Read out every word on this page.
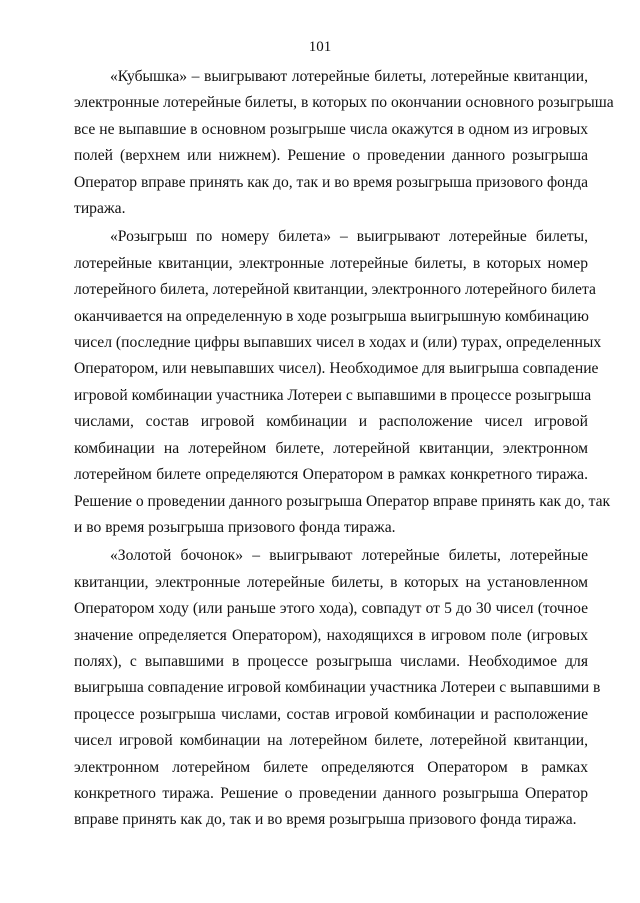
101
«Кубышка» – выигрывают лотерейные билеты, лотерейные квитанции,
электронные лотерейные билеты, в которых по окончании основного розыгрыша
все не выпавшие в основном розыгрыше числа окажутся в одном из игровых
полей (верхнем или нижнем). Решение о проведении данного розыгрыша
Оператор вправе принять как до, так и во время розыгрыша призового фонда
тиража.
«Розыгрыш по номеру билета» – выигрывают лотерейные билеты,
лотерейные квитанции, электронные лотерейные билеты, в которых номер
лотерейного билета, лотерейной квитанции, электронного лотерейного билета
оканчивается на определенную в ходе розыгрыша выигрышную комбинацию
чисел (последние цифры выпавших чисел в ходах и (или) турах, определенных
Оператором, или невыпавших чисел). Необходимое для выигрыша совпадение
игровой комбинации участника Лотереи с выпавшими в процессе розыгрыша
числами, состав игровой комбинации и расположение чисел игровой
комбинации на лотерейном билете, лотерейной квитанции, электронном
лотерейном билете определяются Оператором в рамках конкретного тиража.
Решение о проведении данного розыгрыша Оператор вправе принять как до, так
и во время розыгрыша призового фонда тиража.
«Золотой бочонок» – выигрывают лотерейные билеты, лотерейные
квитанции, электронные лотерейные билеты, в которых на установленном
Оператором ходу (или раньше этого хода), совпадут от 5 до 30 чисел (точное
значение определяется Оператором), находящихся в игровом поле (игровых
полях), с выпавшими в процессе розыгрыша числами. Необходимое для
выигрыша совпадение игровой комбинации участника Лотереи с выпавшими в
процессе розыгрыша числами, состав игровой комбинации и расположение
чисел игровой комбинации на лотерейном билете, лотерейной квитанции,
электронном лотерейном билете определяются Оператором в рамках
конкретного тиража. Решение о проведении данного розыгрыша Оператор
вправе принять как до, так и во время розыгрыша призового фонда тиража.
